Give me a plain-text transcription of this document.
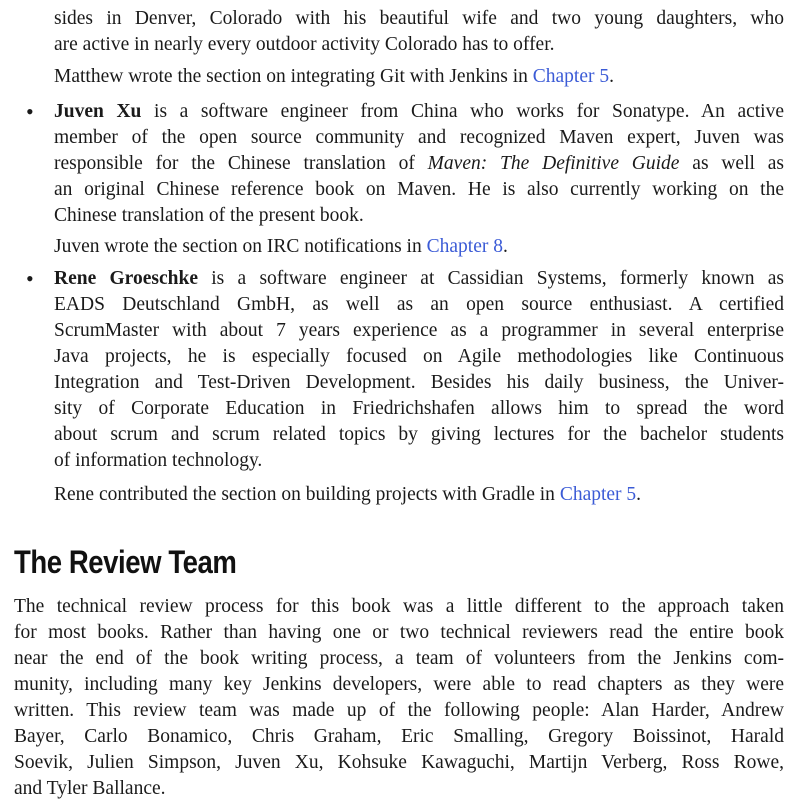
sides in Denver, Colorado with his beautiful wife and two young daughters, who
are active in nearly every outdoor activity Colorado has to offer.
Matthew wrote the section on integrating Git with Jenkins in Chapter 5.
• Juven Xu is a software engineer from China who works for Sonatype. An active
member of the open source community and recognized Maven expert, Juven was
responsible for the Chinese translation of Maven: The Definitive Guide as well as
an original Chinese reference book on Maven. He is also currently working on the
Chinese translation of the present book.
Juven wrote the section on IRC notifications in Chapter 8.
• Rene Groeschke is a software engineer at Cassidian Systems, formerly known as
EADS Deutschland GmbH, as well as an open source enthusiast. A certified
ScrumMaster with about 7 years experience as a programmer in several enterprise
Java projects, he is especially focused on Agile methodologies like Continuous
Integration and Test-Driven Development. Besides his daily business, the Univer-
sity of Corporate Education in Friedrichshafen allows him to spread the word
about scrum and scrum related topics by giving lectures for the bachelor students
of information technology.
Rene contributed the section on building projects with Gradle in Chapter 5.
The Review Team
The technical review process for this book was a little different to the approach taken
for most books. Rather than having one or two technical reviewers read the entire book
near the end of the book writing process, a team of volunteers from the Jenkins com-
munity, including many key Jenkins developers, were able to read chapters as they were
written. This review team was made up of the following people: Alan Harder, Andrew
Bayer, Carlo Bonamico, Chris Graham, Eric Smalling, Gregory Boissinot, Harald
Soevik, Julien Simpson, Juven Xu, Kohsuke Kawaguchi, Martijn Verberg, Ross Rowe,
and Tyler Ballance.
